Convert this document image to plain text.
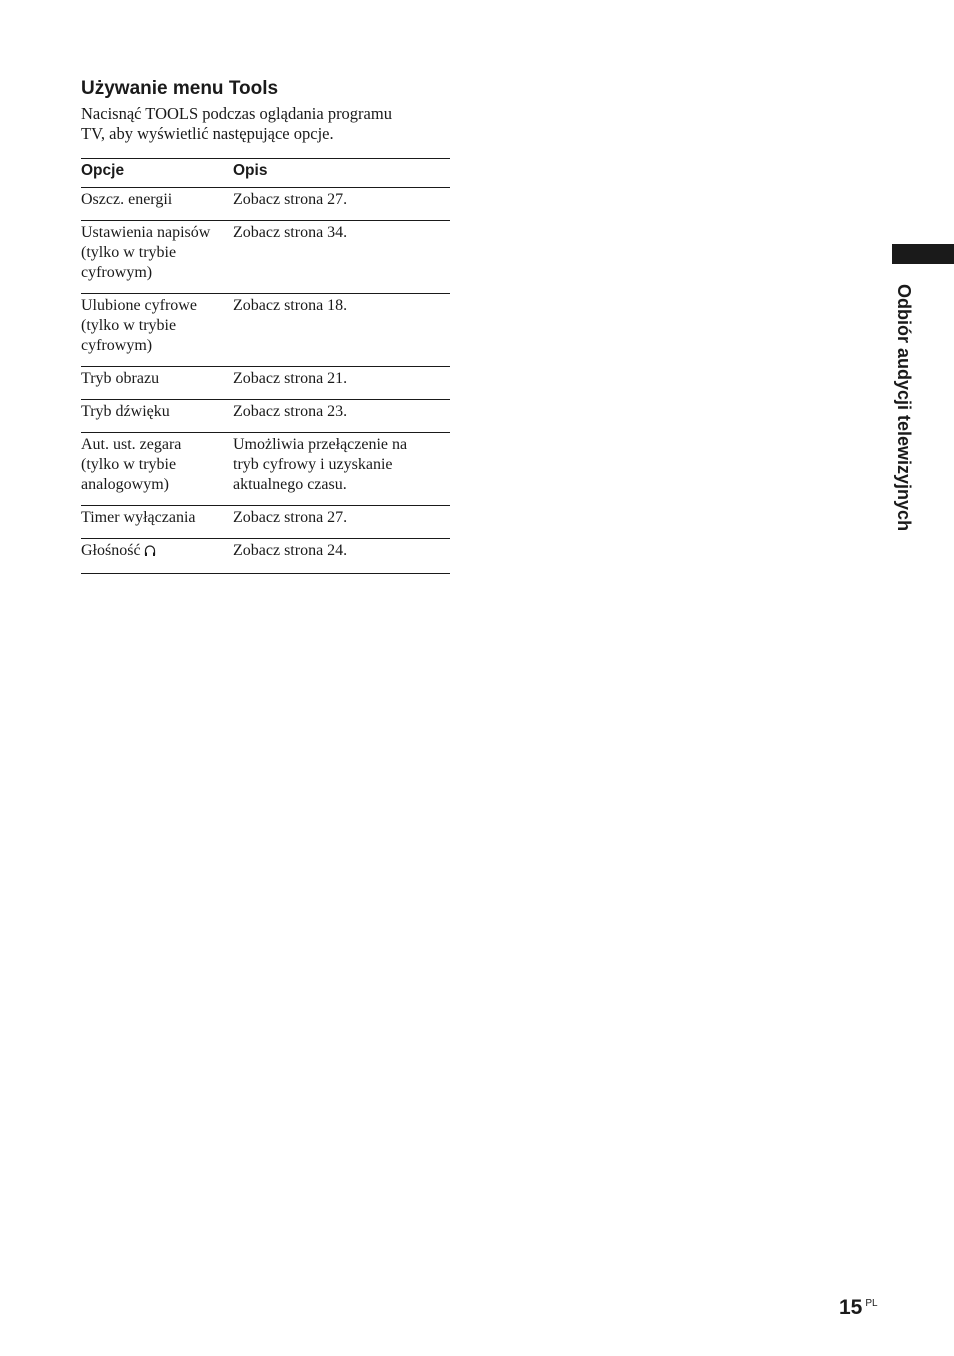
Używanie menu Tools

Nacisnąć TOOLS podczas oglądania programu
TV, aby wyświetlić następujące opcje.

Opcje	Opis

Oszcz. energii	Zobacz strona 27.

Ustawienia napisów
(tylko w trybie
cyfrowym)	Zobacz strona 34.

Ulubione cyfrowe
(tylko w trybie
cyfrowym)	Zobacz strona 18.

Tryb obrazu	Zobacz strona 21.

Tryb dźwięku	Zobacz strona 23.

Aut. ust. zegara
(tylko w trybie
analogowym)	Umożliwia przełączenie na
tryb cyfrowy i uzyskanie
aktualnego czasu.

Timer wyłączania	Zobacz strona 27.

Głośność	Zobacz strona 24.
Odbiór audycji telewizyjnych
15 $^{PL}$
